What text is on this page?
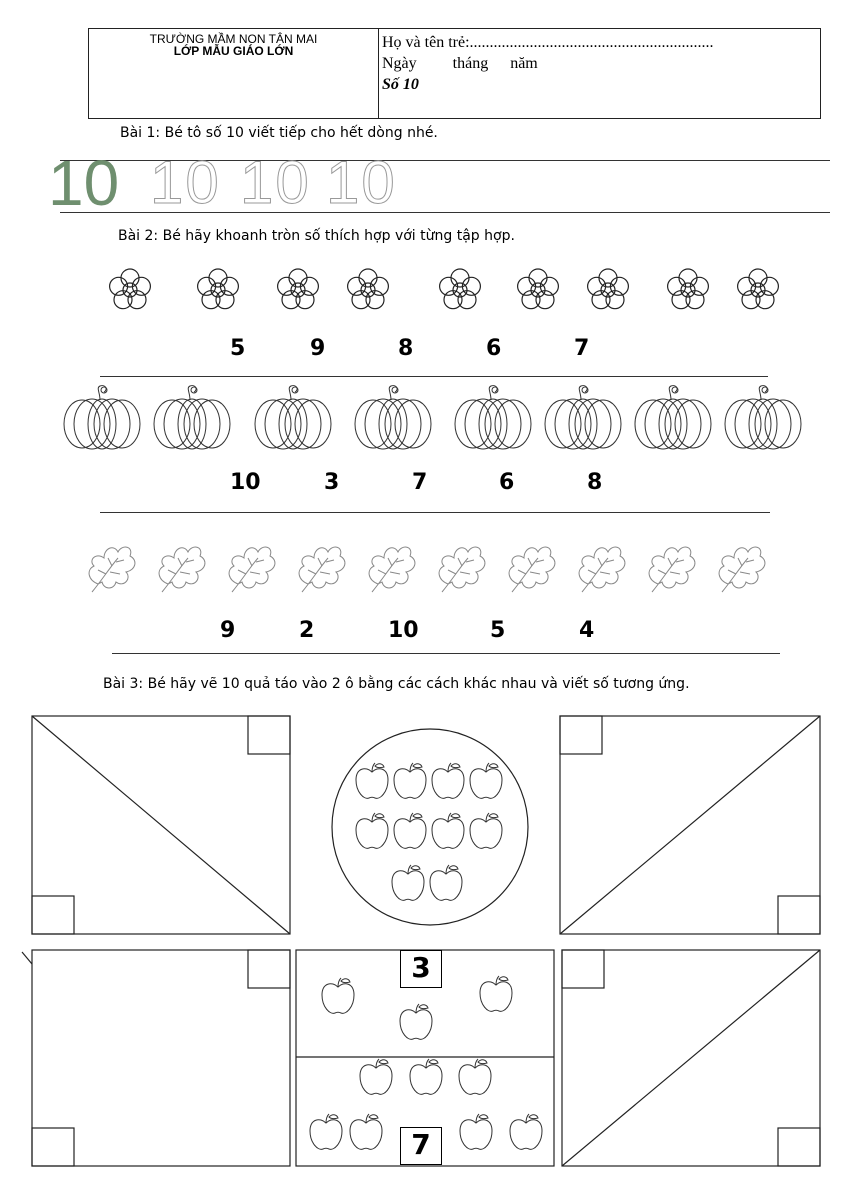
TRƯỜNG MẦM NON TÂN MAI
LỚP MẪU GIÁO LỚN	Họ và tên trẻ:.............................................................
Ngày tháng năm
Số 10
Bài 1: Bé tô số 10 viết tiếp cho hết dòng nhé.
10 10 10 10
Bài 2: Bé hãy khoanh tròn số thích hợp với từng tập hợp.
5	9	8	6	7
10	3	7	6	8
9	2	10	5	4
Bài 3: Bé hãy vẽ 10 quả táo vào 2 ô bằng các cách khác nhau và viết số tương ứng.
3
7
